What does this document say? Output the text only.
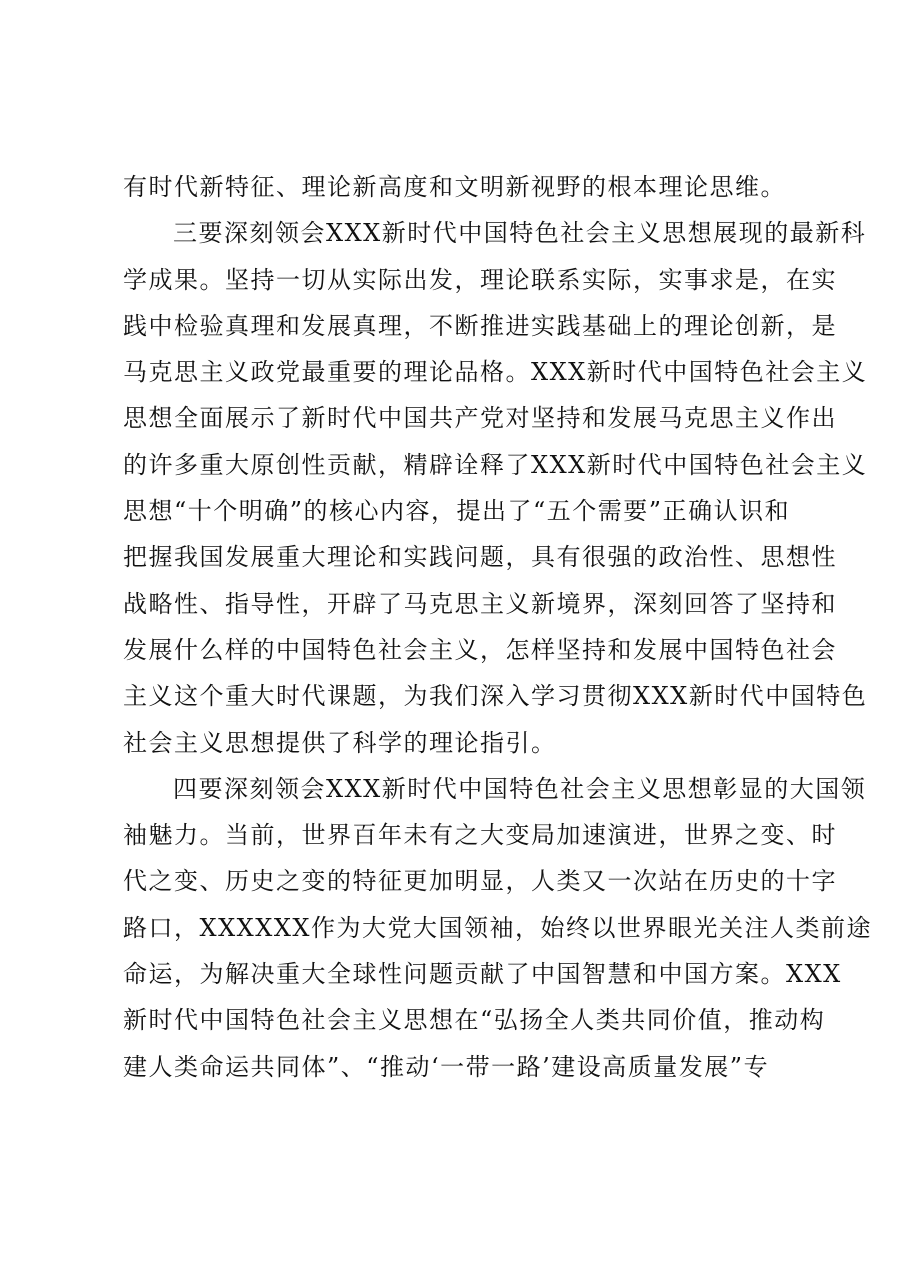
有时代新特征、理论新高度和文明新视野的根本理论思维。
三要深刻领会XXX新时代中国特色社会主义思想展现的最新科
学成果。坚持一切从实际出发，理论联系实际，实事求是，在实
践中检验真理和发展真理，不断推进实践基础上的理论创新，是
马克思主义政党最重要的理论品格。XXX新时代中国特色社会主义
思想全面展示了新时代中国共产党对坚持和发展马克思主义作出
的许多重大原创性贡献，精辟诠释了XXX新时代中国特色社会主义
思想“十个明确”的核心内容，提出了“五个需要”正确认识和
把握我国发展重大理论和实践问题，具有很强的政治性、思想性
战略性、指导性，开辟了马克思主义新境界，深刻回答了坚持和
发展什么样的中国特色社会主义，怎样坚持和发展中国特色社会
主义这个重大时代课题，为我们深入学习贯彻XXX新时代中国特色
社会主义思想提供了科学的理论指引。
四要深刻领会XXX新时代中国特色社会主义思想彰显的大国领
袖魅力。当前，世界百年未有之大变局加速演进，世界之变、时
代之变、历史之变的特征更加明显，人类又一次站在历史的十字
路口，XXXXXX作为大党大国领袖，始终以世界眼光关注人类前途
命运，为解决重大全球性问题贡献了中国智慧和中国方案。XXX
新时代中国特色社会主义思想在“弘扬全人类共同价值，推动构
建人类命运共同体”、“推动‘一带一路’建设高质量发展”专
